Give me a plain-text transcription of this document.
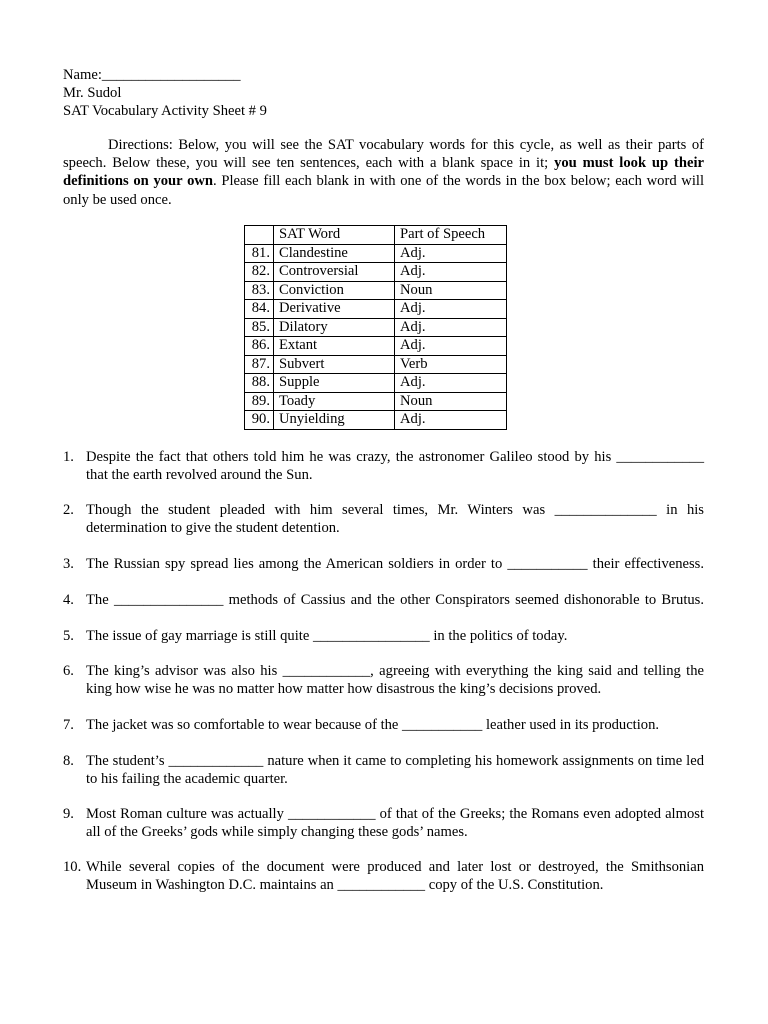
Name:___________________
Mr. Sudol
SAT Vocabulary Activity Sheet # 9
Directions: Below, you will see the SAT vocabulary words for this cycle, as well as their parts of speech. Below these, you will see ten sentences, each with a blank space in it; you must look up their definitions on your own. Please fill each blank in with one of the words in the box below; each word will only be used once.
	SAT Word	Part of Speech
81.	Clandestine	Adj.
82.	Controversial	Adj.
83.	Conviction	Noun
84.	Derivative	Adj.
85.	Dilatory	Adj.
86.	Extant	Adj.
87.	Subvert	Verb
88.	Supple	Adj.
89.	Toady	Noun
90.	Unyielding	Adj.
1. Despite the fact that others told him he was crazy, the astronomer Galileo stood by his ____________ that the earth revolved around the Sun.
2. Though the student pleaded with him several times, Mr. Winters was ______________ in his determination to give the student detention.
3. The Russian spy spread lies among the American soldiers in order to ___________ their effectiveness.
4. The _______________ methods of Cassius and the other Conspirators seemed dishonorable to Brutus.
5. The issue of gay marriage is still quite ________________ in the politics of today.
6. The king’s advisor was also his ____________, agreeing with everything the king said and telling the king how wise he was no matter how matter how disastrous the king’s decisions proved.
7. The jacket was so comfortable to wear because of the ___________ leather used in its production.
8. The student’s _____________ nature when it came to completing his homework assignments on time led to his failing the academic quarter.
9. Most Roman culture was actually ____________ of that of the Greeks; the Romans even adopted almost all of the Greeks’ gods while simply changing these gods’ names.
10. While several copies of the document were produced and later lost or destroyed, the Smithsonian Museum in Washington D.C. maintains an ____________ copy of the U.S. Constitution.
